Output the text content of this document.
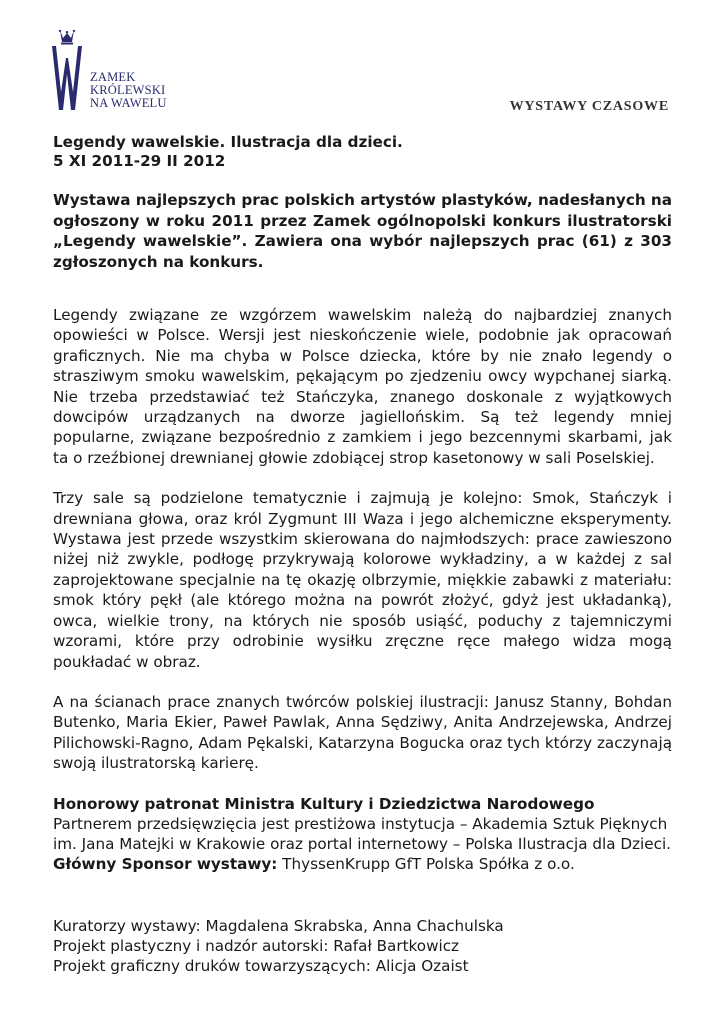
ZAMEK
KRÓLEWSKI
NA WAWELU	WYSTAWY CZASOWE

Legendy wawelskie. Ilustracja dla dzieci.
5 XI 2011-29 II 2012

Wystawa najlepszych prac polskich artystów plastyków, nadesłanych na ogłoszony w roku 2011 przez Zamek ogólnopolski konkurs ilustratorski „Legendy wawelskie”. Zawiera ona wybór najlepszych prac (61) z 303 zgłoszonych na konkurs.

Legendy związane ze wzgórzem wawelskim należą do najbardziej znanych opowieści w Polsce. Wersji jest nieskończenie wiele, podobnie jak opracowań graficznych. Nie ma chyba w Polsce dziecka, które by nie znało legendy o strasziwym smoku wawelskim, pękającym po zjedzeniu owcy wypchanej siarką. Nie trzeba przedstawiać też Stańczyka, znanego doskonale z wyjątkowych dowcipów urządzanych na dworze jagiellońskim. Są też legendy mniej popularne, związane bezpośrednio z zamkiem i jego bezcennymi skarbami, jak ta o rzeźbionej drewnianej głowie zdobiącej strop kasetonowy w sali Poselskiej.

Trzy sale są podzielone tematycznie i zajmują je kolejno: Smok, Stańczyk i drewniana głowa, oraz król Zygmunt III Waza i jego alchemiczne eksperymenty. Wystawa jest przede wszystkim skierowana do najmłodszych: prace zawieszono niżej niż zwykle, podłogę przykrywają kolorowe wykładziny, a w każdej z sal zaprojektowane specjalnie na tę okazję olbrzymie, miękkie zabawki z materiału: smok który pękł (ale którego można na powrót złożyć, gdyż jest układanką), owca, wielkie trony, na których nie sposób usiąść, poduchy z tajemniczymi wzorami, które przy odrobinie wysiłku zręczne ręce małego widza mogą poukładać w obraz.

A na ścianach prace znanych twórców polskiej ilustracji: Janusz Stanny, Bohdan Butenko, Maria Ekier, Paweł Pawlak, Anna Sędziwy, Anita Andrzejewska, Andrzej Pilichowski-Ragno, Adam Pękalski, Katarzyna Bogucka oraz tych którzy zaczynają swoją ilustratorską karierę.

Honorowy patronat Ministra Kultury i Dziedzictwa Narodowego
Partnerem przedsięwzięcia jest prestiżowa instytucja – Akademia Sztuk Pięknych
im. Jana Matejki w Krakowie oraz portal internetowy – Polska Ilustracja dla Dzieci.
Główny Sponsor wystawy: ThyssenKrupp GfT Polska Spółka z o.o.

Kuratorzy wystawy: Magdalena Skrabska, Anna Chachulska
Projekt plastyczny i nadzór autorski: Rafał Bartkowicz
Projekt graficzny druków towarzyszących: Alicja Ozaist
